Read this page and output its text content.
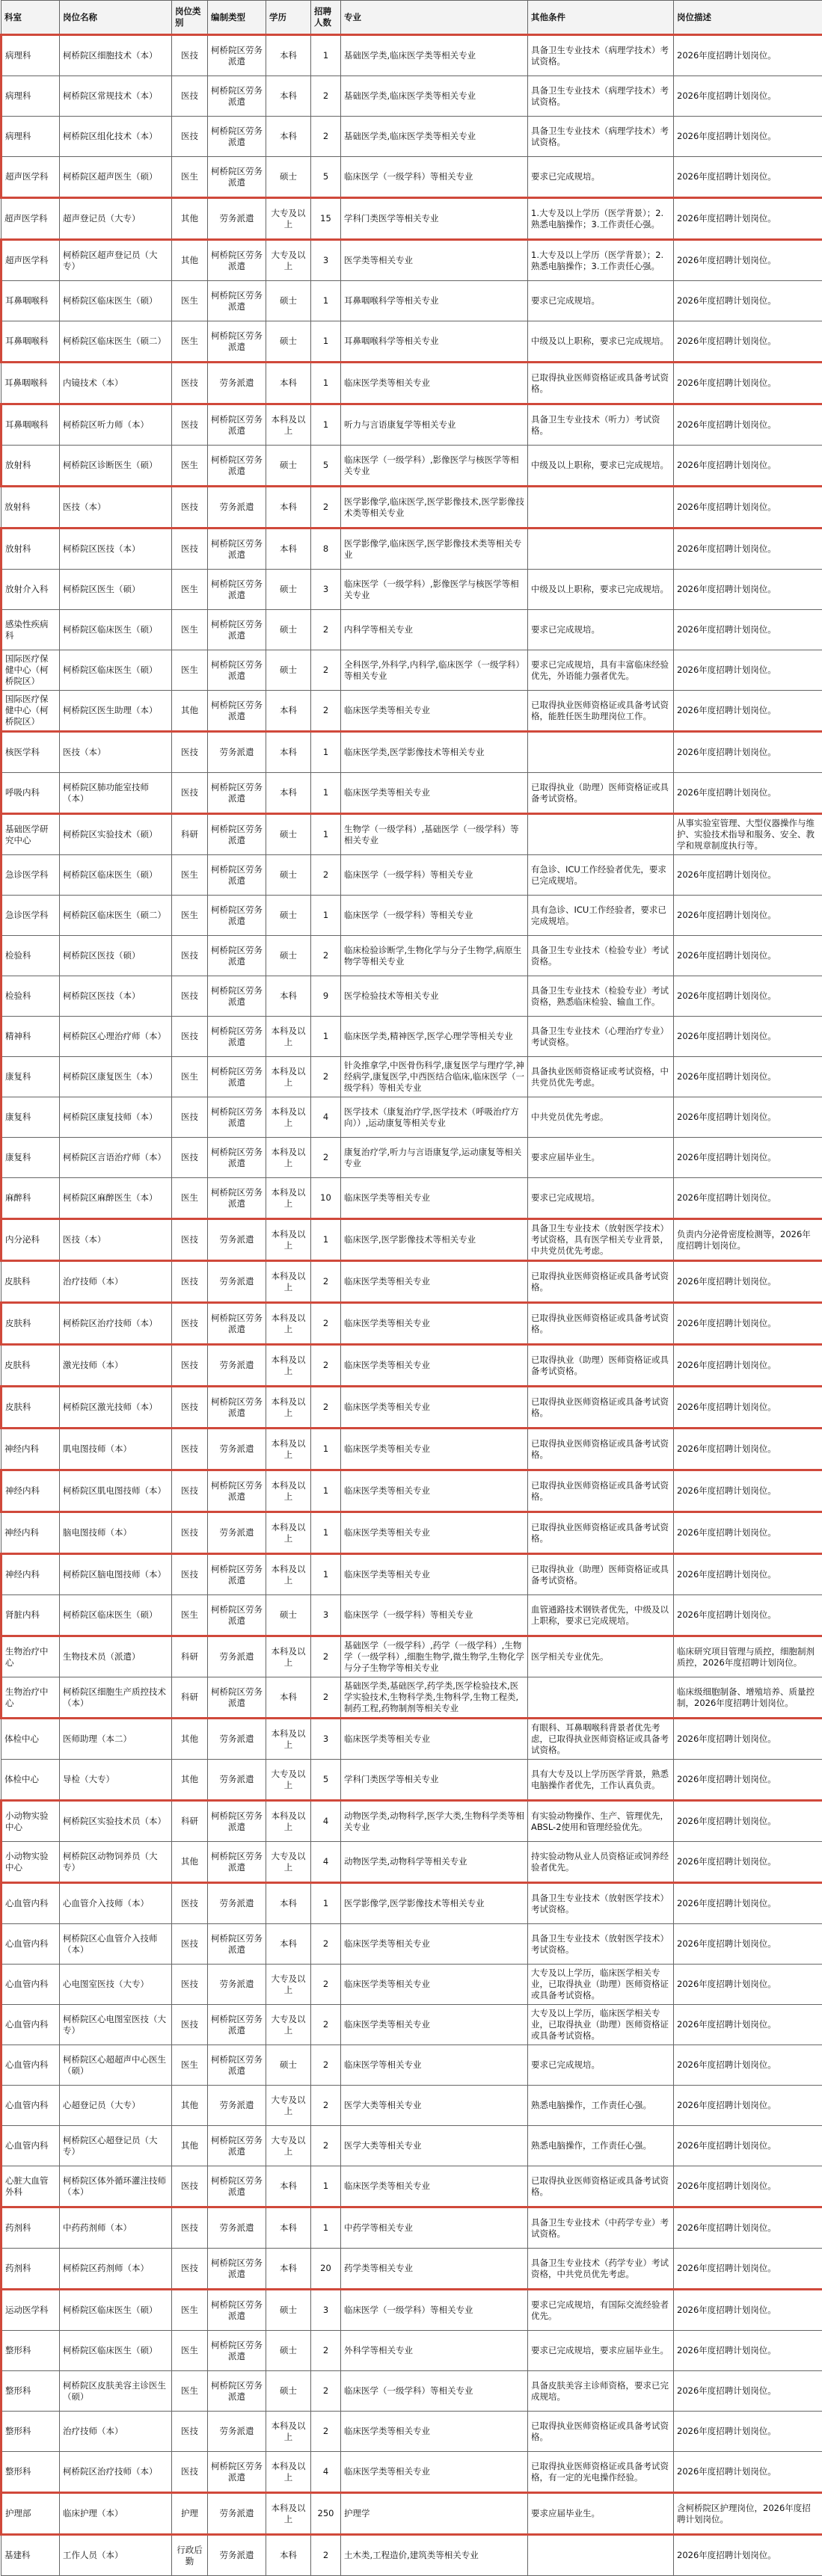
科室	岗位名称	岗位类别	编制类型	学历	招聘人数	专业	其他条件	岗位描述
病理科	柯桥院区细胞技术（本）	医技	柯桥院区劳务派遣	本科	1	基础医学类,临床医学类等相关专业	具备卫生专业技术（病理学技术）考试资格。	2026年度招聘计划岗位。
病理科	柯桥院区常规技术（本）	医技	柯桥院区劳务派遣	本科	2	基础医学类,临床医学类等相关专业	具备卫生专业技术（病理学技术）考试资格。	2026年度招聘计划岗位。
病理科	柯桥院区组化技术（本）	医技	柯桥院区劳务派遣	本科	2	基础医学类,临床医学类等相关专业	具备卫生专业技术（病理学技术）考试资格。	2026年度招聘计划岗位。
超声医学科	柯桥院区超声医生（硕）	医生	柯桥院区劳务派遣	硕士	5	临床医学（一级学科）等相关专业	要求已完成规培。	2026年度招聘计划岗位。
超声医学科	超声登记员（大专）	其他	劳务派遣	大专及以上	15	学科门类医学等相关专业	1.大专及以上学历（医学背景）；2.熟悉电脑操作；3.工作责任心强。	2026年度招聘计划岗位。
超声医学科	柯桥院区超声登记员（大专）	其他	柯桥院区劳务派遣	大专及以上	3	医学类等相关专业	1.大专及以上学历（医学背景）；2.熟悉电脑操作；3.工作责任心强。	2026年度招聘计划岗位。
耳鼻咽喉科	柯桥院区临床医生（硕）	医生	柯桥院区劳务派遣	硕士	1	耳鼻咽喉科学等相关专业	要求已完成规培。	2026年度招聘计划岗位。
耳鼻咽喉科	柯桥院区临床医生（硕二）	医生	柯桥院区劳务派遣	硕士	1	耳鼻咽喉科学等相关专业	中级及以上职称，要求已完成规培。	2026年度招聘计划岗位。
耳鼻咽喉科	内镜技术（本）	医技	劳务派遣	本科	1	临床医学类等相关专业	已取得执业医师资格证或具备考试资格。	2026年度招聘计划岗位。
耳鼻咽喉科	柯桥院区听力师（本）	医技	柯桥院区劳务派遣	本科及以上	1	听力与言语康复学等相关专业	具备卫生专业技术（听力）考试资格。	2026年度招聘计划岗位。
放射科	柯桥院区诊断医生（硕）	医生	柯桥院区劳务派遣	硕士	5	临床医学（一级学科）,影像医学与核医学等相关专业	中级及以上职称，要求已完成规培。	2026年度招聘计划岗位。
放射科	医技（本）	医技	劳务派遣	本科	2	医学影像学,临床医学,医学影像技术,医学影像技术类等相关专业		2026年度招聘计划岗位。
放射科	柯桥院区医技（本）	医技	柯桥院区劳务派遣	本科	8	医学影像学,临床医学,医学影像技术类等相关专业		2026年度招聘计划岗位。
放射介入科	柯桥院区医生（硕）	医生	柯桥院区劳务派遣	硕士	3	临床医学（一级学科）,影像医学与核医学等相关专业	中级及以上职称，要求已完成规培。	2026年度招聘计划岗位。
感染性疾病科	柯桥院区临床医生（硕）	医生	柯桥院区劳务派遣	硕士	2	内科学等相关专业	要求已完成规培。	2026年度招聘计划岗位。
国际医疗保健中心（柯桥院区）	柯桥院区临床医生（硕）	医生	柯桥院区劳务派遣	硕士	2	全科医学,外科学,内科学,临床医学（一级学科）等相关专业	要求已完成规培，具有丰富临床经验优先，外语能力强者优先。	2026年度招聘计划岗位。
国际医疗保健中心（柯桥院区）	柯桥院区医生助理（本）	其他	柯桥院区劳务派遣	本科	2	临床医学类等相关专业	已取得执业医师资格证或具备考试资格，能胜任医生助理岗位工作。	2026年度招聘计划岗位。
核医学科	医技（本）	医技	劳务派遣	本科	1	临床医学类,医学影像技术等相关专业		2026年度招聘计划岗位。
呼吸内科	柯桥院区肺功能室技师（本）	医技	柯桥院区劳务派遣	本科	1	临床医学类等相关专业	已取得执业（助理）医师资格证或具备考试资格。	2026年度招聘计划岗位。
基础医学研究中心	柯桥院区实验技术（硕）	科研	柯桥院区劳务派遣	硕士	1	生物学（一级学科）,基础医学（一级学科）等相关专业		从事实验室管理、大型仪器操作与维护、实验技术指导和服务、安全、教学和规章制度执行等。
急诊医学科	柯桥院区临床医生（硕）	医生	柯桥院区劳务派遣	硕士	2	临床医学（一级学科）等相关专业	有急诊、ICU工作经验者优先，要求已完成规培。	2026年度招聘计划岗位。
急诊医学科	柯桥院区临床医生（硕二）	医生	柯桥院区劳务派遣	硕士	1	临床医学（一级学科）等相关专业	具有急诊、ICU工作经验者，要求已完成规培。	2026年度招聘计划岗位。
检验科	柯桥院区医技（硕）	医技	柯桥院区劳务派遣	硕士	2	临床检验诊断学,生物化学与分子生物学,病原生物学等相关专业	具备卫生专业技术（检验专业）考试资格。	2026年度招聘计划岗位。
检验科	柯桥院区医技（本）	医技	柯桥院区劳务派遣	本科	9	医学检验技术等相关专业	具备卫生专业技术（检验专业）考试资格，熟悉临床检验、输血工作。	2026年度招聘计划岗位。
精神科	柯桥院区心理治疗师（本）	医技	柯桥院区劳务派遣	本科及以上	1	临床医学类,精神医学,医学心理学等相关专业	具备卫生专业技术（心理治疗专业）考试资格。	2026年度招聘计划岗位。
康复科	柯桥院区康复医生（本）	医生	柯桥院区劳务派遣	本科及以上	2	针灸推拿学,中医骨伤科学,康复医学与理疗学,神经病学,康复医学,中西医结合临床,临床医学（一级学科）等相关专业	具备执业医师资格证或考试资格，中共党员优先考虑。	2026年度招聘计划岗位。
康复科	柯桥院区康复技师（本）	医技	柯桥院区劳务派遣	本科及以上	4	医学技术（康复治疗学,医学技术（呼吸治疗方向））,运动康复等相关专业	中共党员优先考虑。	2026年度招聘计划岗位。
康复科	柯桥院区言语治疗师（本）	医技	柯桥院区劳务派遣	本科及以上	2	康复治疗学,听力与言语康复学,运动康复等相关专业	要求应届毕业生。	2026年度招聘计划岗位。
麻醉科	柯桥院区麻醉医生（本）	医生	柯桥院区劳务派遣	本科及以上	10	临床医学类等相关专业	要求已完成规培。	2026年度招聘计划岗位。
内分泌科	医技（本）	医技	劳务派遣	本科及以上	1	临床医学,医学影像技术等相关专业	具备卫生专业技术（放射医学技术）考试资格，具有医学相关专业背景，中共党员优先考虑。	负责内分泌骨密度检测等，2026年度招聘计划岗位。
皮肤科	治疗技师（本）	医技	劳务派遣	本科及以上	2	临床医学类等相关专业	已取得执业医师资格证或具备考试资格。	2026年度招聘计划岗位。
皮肤科	柯桥院区治疗技师（本）	医技	柯桥院区劳务派遣	本科及以上	2	临床医学类等相关专业	已取得执业医师资格证或具备考试资格。	2026年度招聘计划岗位。
皮肤科	激光技师（本）	医技	劳务派遣	本科及以上	2	临床医学类等相关专业	已取得执业（助理）医师资格证或具备考试资格。	2026年度招聘计划岗位。
皮肤科	柯桥院区激光技师（本）	医技	柯桥院区劳务派遣	本科及以上	2	临床医学类等相关专业	已取得执业医师资格证或具备考试资格。	2026年度招聘计划岗位。
神经内科	肌电图技师（本）	医技	劳务派遣	本科及以上	1	临床医学类等相关专业	已取得执业医师资格证或具备考试资格。	2026年度招聘计划岗位。
神经内科	柯桥院区肌电图技师（本）	医技	柯桥院区劳务派遣	本科及以上	1	临床医学类等相关专业	已取得执业医师资格证或具备考试资格。	2026年度招聘计划岗位。
神经内科	脑电图技师（本）	医技	劳务派遣	本科及以上	1	临床医学类等相关专业	已取得执业医师资格证或具备考试资格。	2026年度招聘计划岗位。
神经内科	柯桥院区脑电图技师（本）	医技	柯桥院区劳务派遣	本科及以上	1	临床医学类等相关专业	已取得执业（助理）医师资格证或具备考试资格。	2026年度招聘计划岗位。
肾脏内科	柯桥院区临床医生（硕）	医生	柯桥院区劳务派遣	硕士	3	临床医学（一级学科）等相关专业	血管通路技术钢铁者优先，中级及以上职称，要求已完成规培。	2026年度招聘计划岗位。
生物治疗中心	生物技术员（派遣）	科研	劳务派遣	本科及以上	2	基础医学（一级学科）,药学（一级学科）,生物学（一级学科）,细胞生物学,微生物学,生物化学与分子生物学等相关专业	医学相关专业优先。	临床研究项目管理与质控，细胞制剂质控，2026年度招聘计划岗位。
生物治疗中心	柯桥院区细胞生产质控技术（本）	科研	柯桥院区劳务派遣	本科	2	基础医学类,基础医学,药学类,医学检验技术,医学实验技术,生物科学类,生物科学,生物工程类,制药工程,药物制剂等相关专业		临床级细胞制备、增殖培养、质量控制，2026年度招聘计划岗位。
体检中心	医师助理（本二）	其他	劳务派遣	本科及以上	3	临床医学类等相关专业	有眼科、耳鼻咽喉科背景者优先考虑，已取得执业医师资格证或具备考试资格。	2026年度招聘计划岗位。
体检中心	导检（大专）	其他	劳务派遣	大专及以上	5	学科门类医学等相关专业	具有大专及以上学历医学背景，熟悉电脑操作者优先，工作认真负责。	2026年度招聘计划岗位。
小动物实验中心	柯桥院区实验技术员（本）	科研	柯桥院区劳务派遣	本科及以上	4	动物医学类,动物科学,医学大类,生物科学类等相关专业	有实验动物操作、生产、管理优先，ABSL-2使用和管理经验优先。	2026年度招聘计划岗位。
小动物实验中心	柯桥院区动物饲养员（大专）	其他	柯桥院区劳务派遣	大专及以上	4	动物医学类,动物科学等相关专业	持实验动物从业人员资格证或饲养经验者优先。	2026年度招聘计划岗位。
心血管内科	心血管介入技师（本）	医技	劳务派遣	本科	1	医学影像学,医学影像技术等相关专业	具备卫生专业技术（放射医学技术）考试资格。	2026年度招聘计划岗位。
心血管内科	柯桥院区心血管介入技师（本）	医技	柯桥院区劳务派遣	本科	2	临床医学类等相关专业	具备卫生专业技术（放射医学技术）考试资格。	2026年度招聘计划岗位。
心血管内科	心电图室医技（大专）	医技	劳务派遣	大专及以上	2	临床医学类等相关专业	大专及以上学历，临床医学相关专业，已取得执业（助理）医师资格证或具备考试资格。	2026年度招聘计划岗位。
心血管内科	柯桥院区心电图室医技（大专）	医技	柯桥院区劳务派遣	大专及以上	2	临床医学类等相关专业	大专及以上学历，临床医学相关专业，已取得执业（助理）医师资格证或具备考试资格。	2026年度招聘计划岗位。
心血管内科	柯桥院区心超超声中心医生（硕）	医生	柯桥院区劳务派遣	硕士	2	临床医学等相关专业	要求已完成规培。	2026年度招聘计划岗位。
心血管内科	心超登记员（大专）	其他	劳务派遣	大专及以上	2	医学大类等相关专业	熟悉电脑操作，工作责任心强。	2026年度招聘计划岗位。
心血管内科	柯桥院区心超登记员（大专）	其他	柯桥院区劳务派遣	大专及以上	2	医学大类等相关专业	熟悉电脑操作，工作责任心强。	2026年度招聘计划岗位。
心脏大血管外科	柯桥院区体外循环灌注技师（本）	医技	柯桥院区劳务派遣	本科	1	临床医学类等相关专业	已取得执业医师资格证或具备考试资格。	2026年度招聘计划岗位。
药剂科	中药药剂师（本）	医技	劳务派遣	本科	1	中药学等相关专业	具备卫生专业技术（中药学专业）考试资格。	2026年度招聘计划岗位。
药剂科	柯桥院区药剂师（本）	医技	柯桥院区劳务派遣	本科	20	药学类等相关专业	具备卫生专业技术（药学专业）考试资格，中共党员优先考虑。	2026年度招聘计划岗位。
运动医学科	柯桥院区临床医生（硕）	医生	柯桥院区劳务派遣	硕士	3	临床医学（一级学科）等相关专业	要求已完成规培，有国际交流经验者优先。	2026年度招聘计划岗位。
整形科	柯桥院区临床医生（硕）	医生	柯桥院区劳务派遣	硕士	2	外科学等相关专业	要求已完成规培，要求应届毕业生。	2026年度招聘计划岗位。
整形科	柯桥院区皮肤美容主诊医生（硕）	医生	柯桥院区劳务派遣	硕士	2	临床医学（一级学科）等相关专业	具备皮肤美容主诊师资格，要求已完成规培。	2026年度招聘计划岗位。
整形科	治疗技师（本）	医技	劳务派遣	本科及以上	2	临床医学类等相关专业	已取得执业医师资格证或具备考试资格。	2026年度招聘计划岗位。
整形科	柯桥院区治疗技师（本）	医技	柯桥院区劳务派遣	本科及以上	4	临床医学类等相关专业	已取得执业医师资格证或具备考试资格，有一定的光电操作经验。	2026年度招聘计划岗位。
护理部	临床护理（本）	护理	劳务派遣	本科及以上	250	护理学	要求应届毕业生。	含柯桥院区护理岗位，2026年度招聘计划岗位。
基建科	工作人员（本）	行政后勤	劳务派遣	本科	2	土木类,工程造价,建筑类等相关专业		2026年度招聘计划岗位。
